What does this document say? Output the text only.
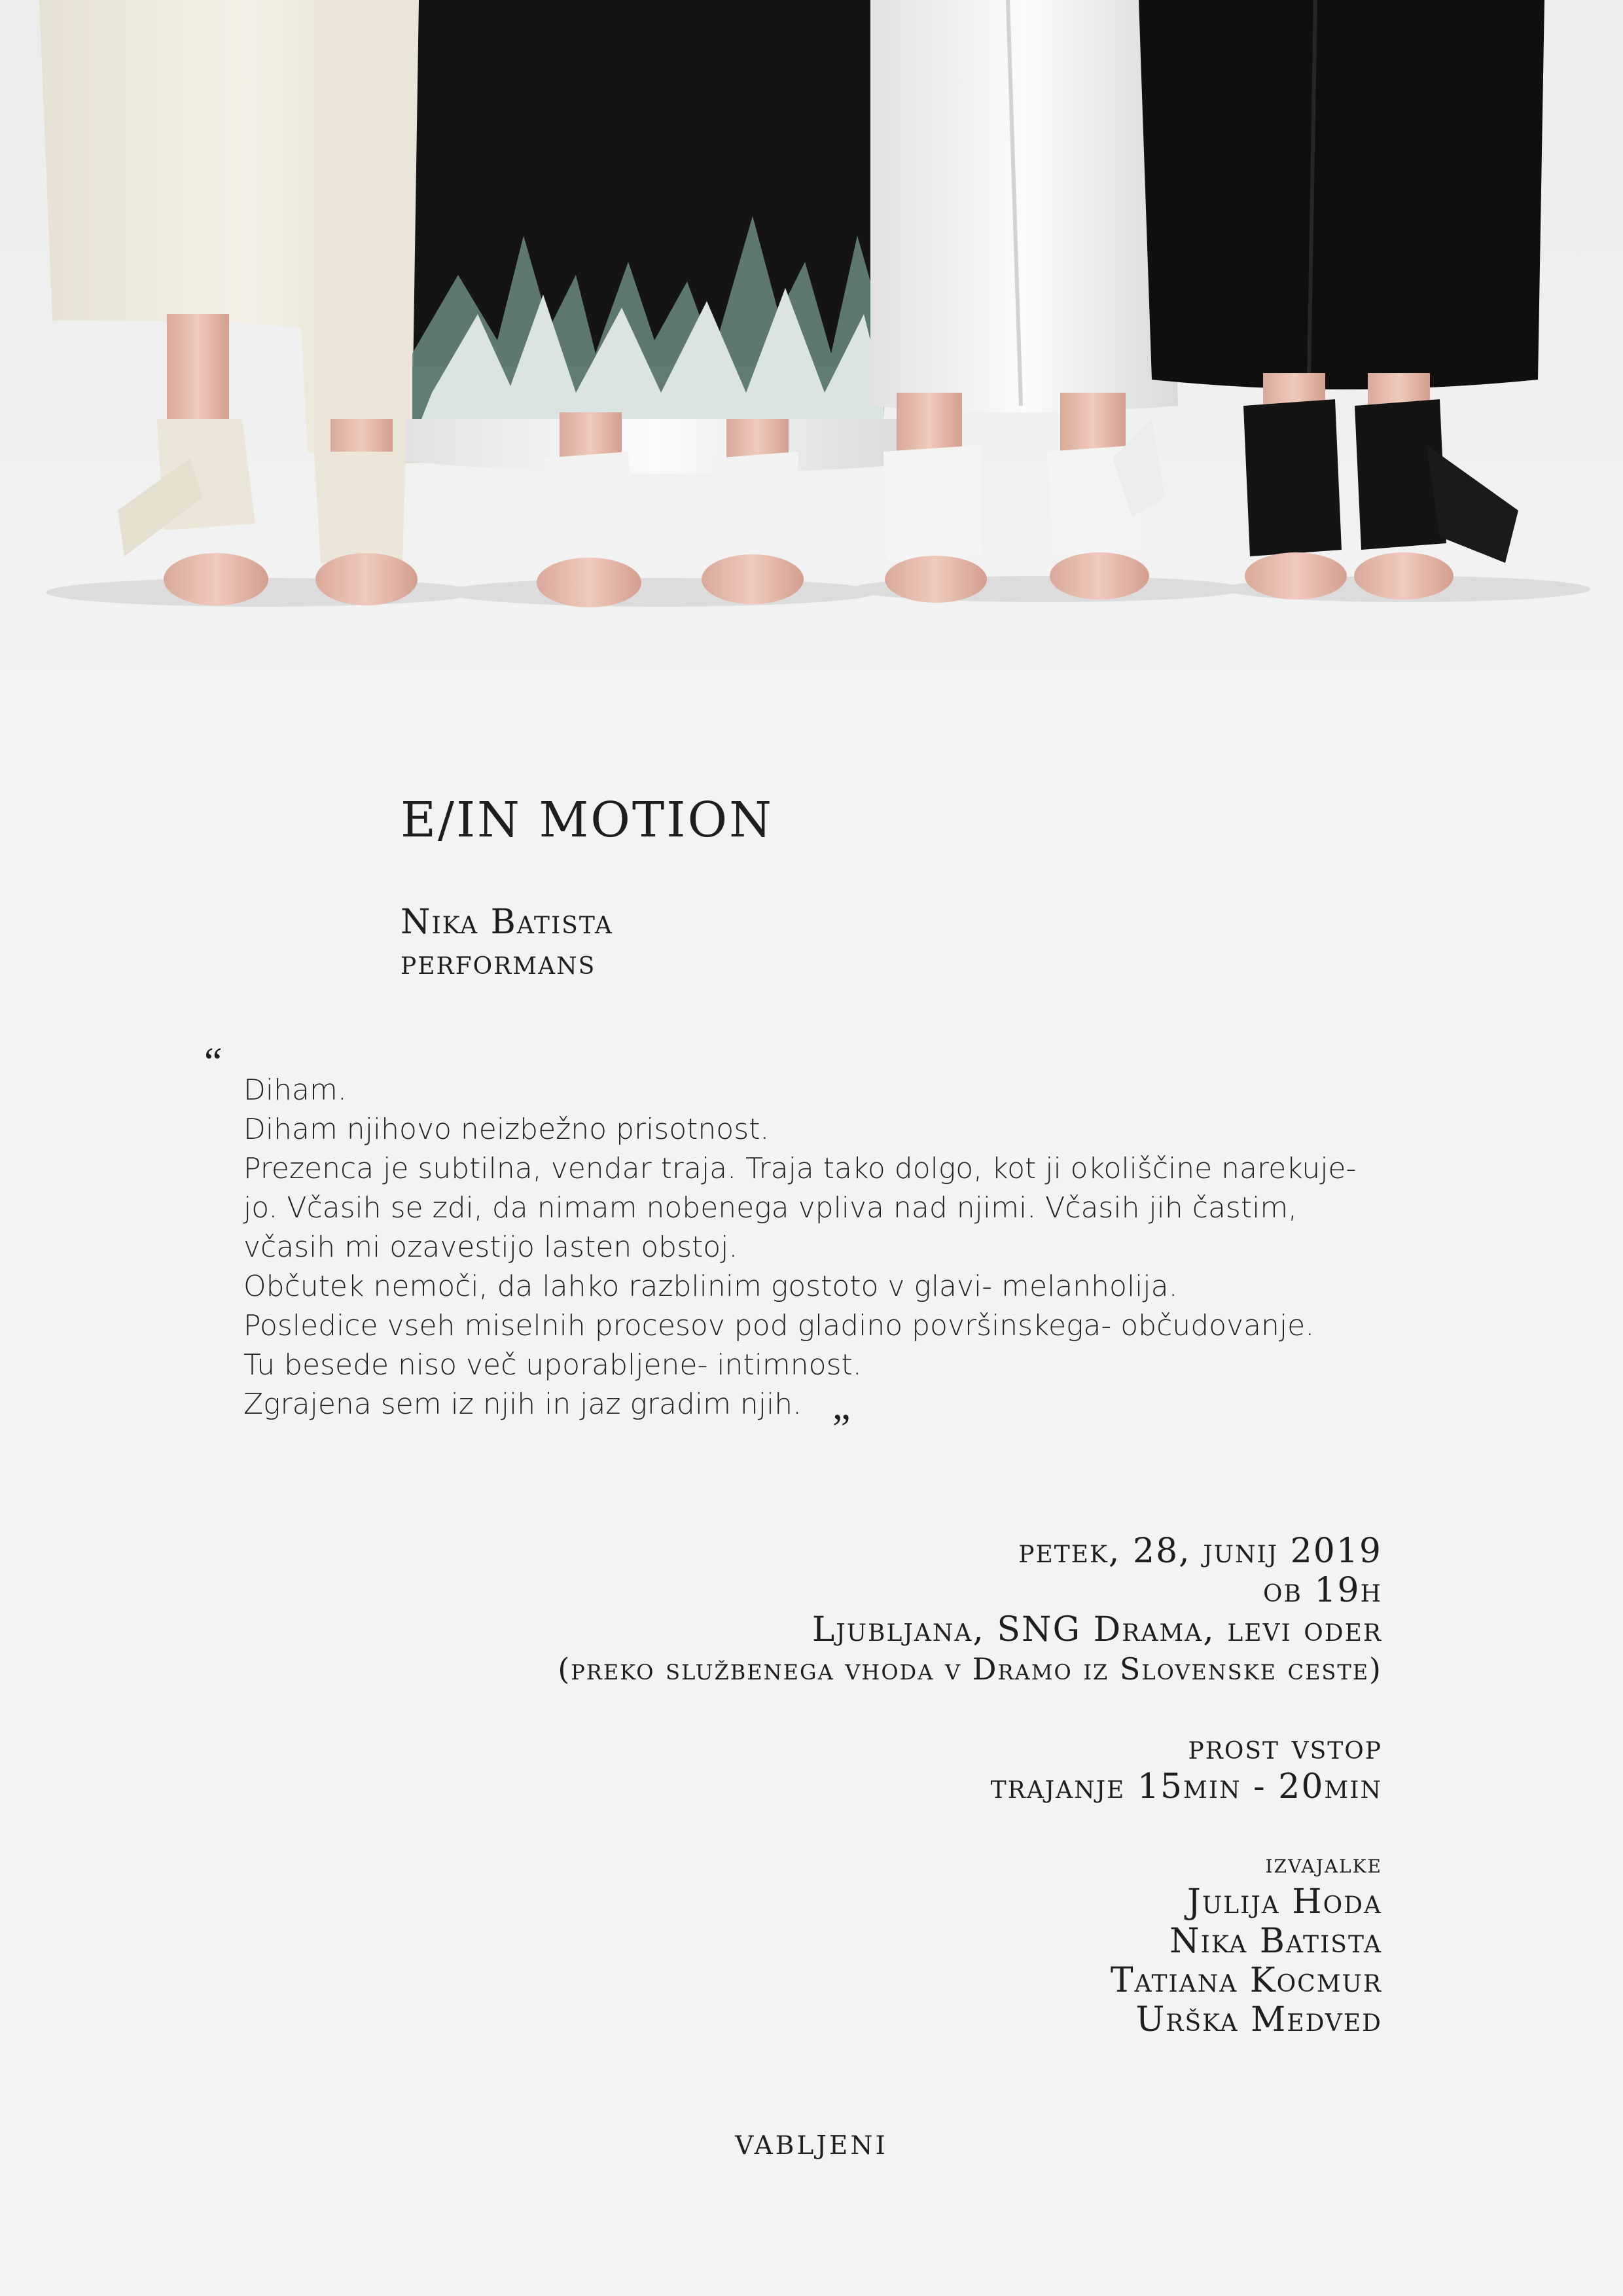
E/IN MOTION
Nika Batista
performans
“
Diham.
Diham njihovo neizbežno prisotnost.
Prezenca je subtilna, vendar traja. Traja tako dolgo, kot ji okoliščine narekuje-
jo. Včasih se zdi, da nimam nobenega vpliva nad njimi. Včasih jih častim,
včasih mi ozavestijo lasten obstoj.
Občutek nemoči, da lahko razblinim gostoto v glavi- melanholija.
Posledice vseh miselnih procesov pod gladino površinskega- občudovanje.
Tu besede niso več uporabljene- intimnost.
Zgrajena sem iz njih in jaz gradim njih.
”
petek, 28, junij 2019
ob 19h
Ljubljana, SNG Drama, levi oder
(preko službenega vhoda v Dramo iz Slovenske ceste)
prost vstop
trajanje 15min - 20min
izvajalke
Julija Hoda
Nika Batista
Tatiana Kocmur
Urška Medved
vabljeni
